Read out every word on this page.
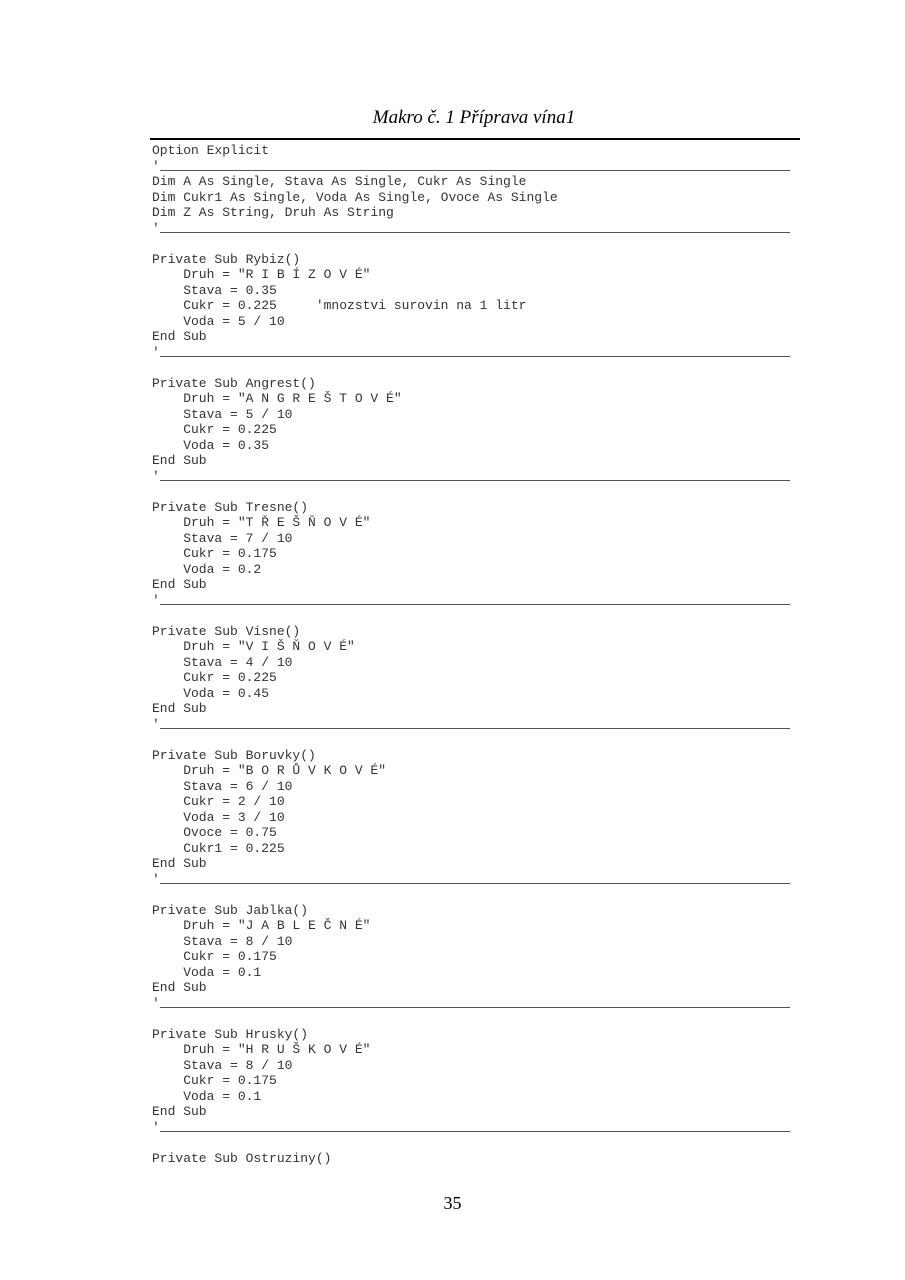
Makro č. 1 Příprava vína1
Option Explicit
'
Dim A As Single, Stava As Single, Cukr As Single
Dim Cukr1 As Single, Voda As Single, Ovoce As Single
Dim Z As String, Druh As String
'
Private Sub Rybiz()
Druh = "R I B Í Z O V É"
Stava = 0.35
Cukr = 0.225     'mnozstvi surovin na 1 litr
Voda = 5 / 10
End Sub
'
Private Sub Angrest()
Druh = "A N G R E Š T O V É"
Stava = 5 / 10
Cukr = 0.225
Voda = 0.35
End Sub
'
Private Sub Tresne()
Druh = "T Ř E Š Ň O V É"
Stava = 7 / 10
Cukr = 0.175
Voda = 0.2
End Sub
'
Private Sub Visne()
Druh = "V I Š Ň O V É"
Stava = 4 / 10
Cukr = 0.225
Voda = 0.45
End Sub
'
Private Sub Boruvky()
Druh = "B O R Ů V K O V É"
Stava = 6 / 10
Cukr = 2 / 10
Voda = 3 / 10
Ovoce = 0.75
Cukr1 = 0.225
End Sub
'
Private Sub Jablka()
Druh = "J A B L E Č N É"
Stava = 8 / 10
Cukr = 0.175
Voda = 0.1
End Sub
'
Private Sub Hrusky()
Druh = "H R U Š K O V É"
Stava = 8 / 10
Cukr = 0.175
Voda = 0.1
End Sub
'
Private Sub Ostruziny()
35
